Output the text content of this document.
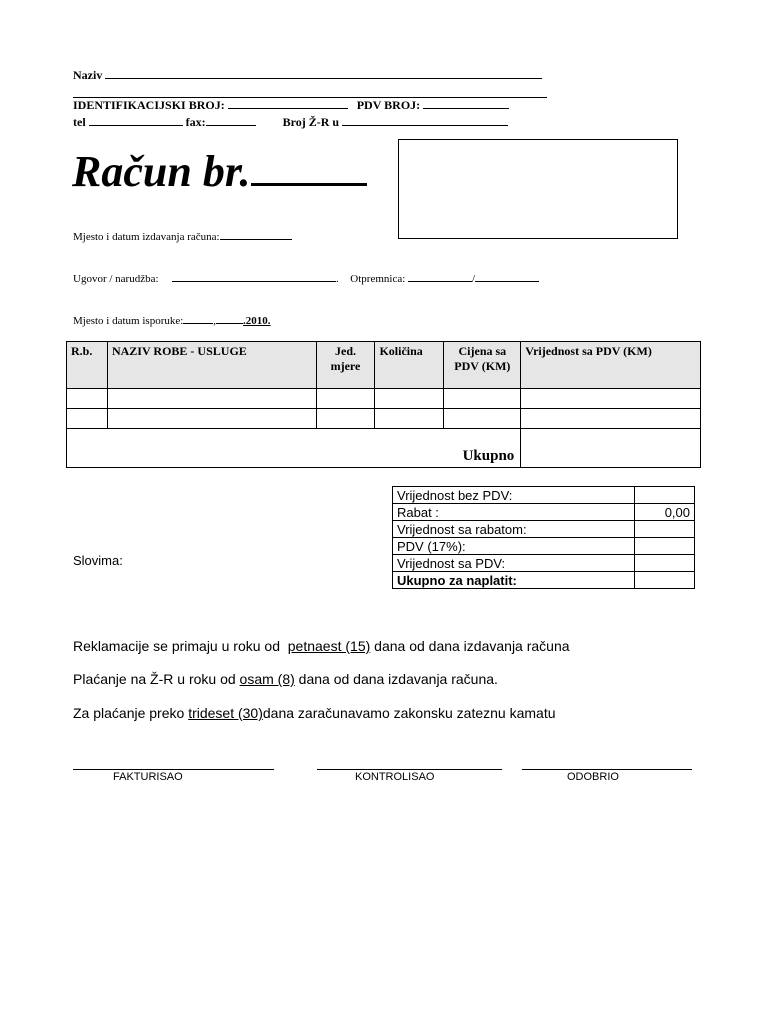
Naziv
IDENTIFIKACIJSKI BROJ:	PDV BROJ:
tel	fax:	Broj Ž-R u
Račun br.
Mjesto i datum izdavanja računa:
Ugovor / narudžba:	.  Otpremnica:	/
Mjesto i datum isporuke:	, .2010.
R.b.	NAZIV ROBE - USLUGE	Jed. mjere	Količina	Cijena sa PDV (KM)	Vrijednost sa PDV (KM)

Ukupno					
Slovima:
Vrijednost bez PDV:	
Rabat :	0,00
Vrijednost sa rabatom:	
PDV (17%):	
Vrijednost sa PDV:	
Ukupno za naplatit:	
Reklamacije se primaju u roku od petnaest (15) dana od dana izdavanja računa
Plaćanje na Ž-R u roku od osam (8) dana od dana izdavanja računa.
Za plaćanje preko trideset (30)dana zaračunavamo zakonsku zateznu kamatu
FAKTURISAO	KONTROLISAO	ODOBRIO
